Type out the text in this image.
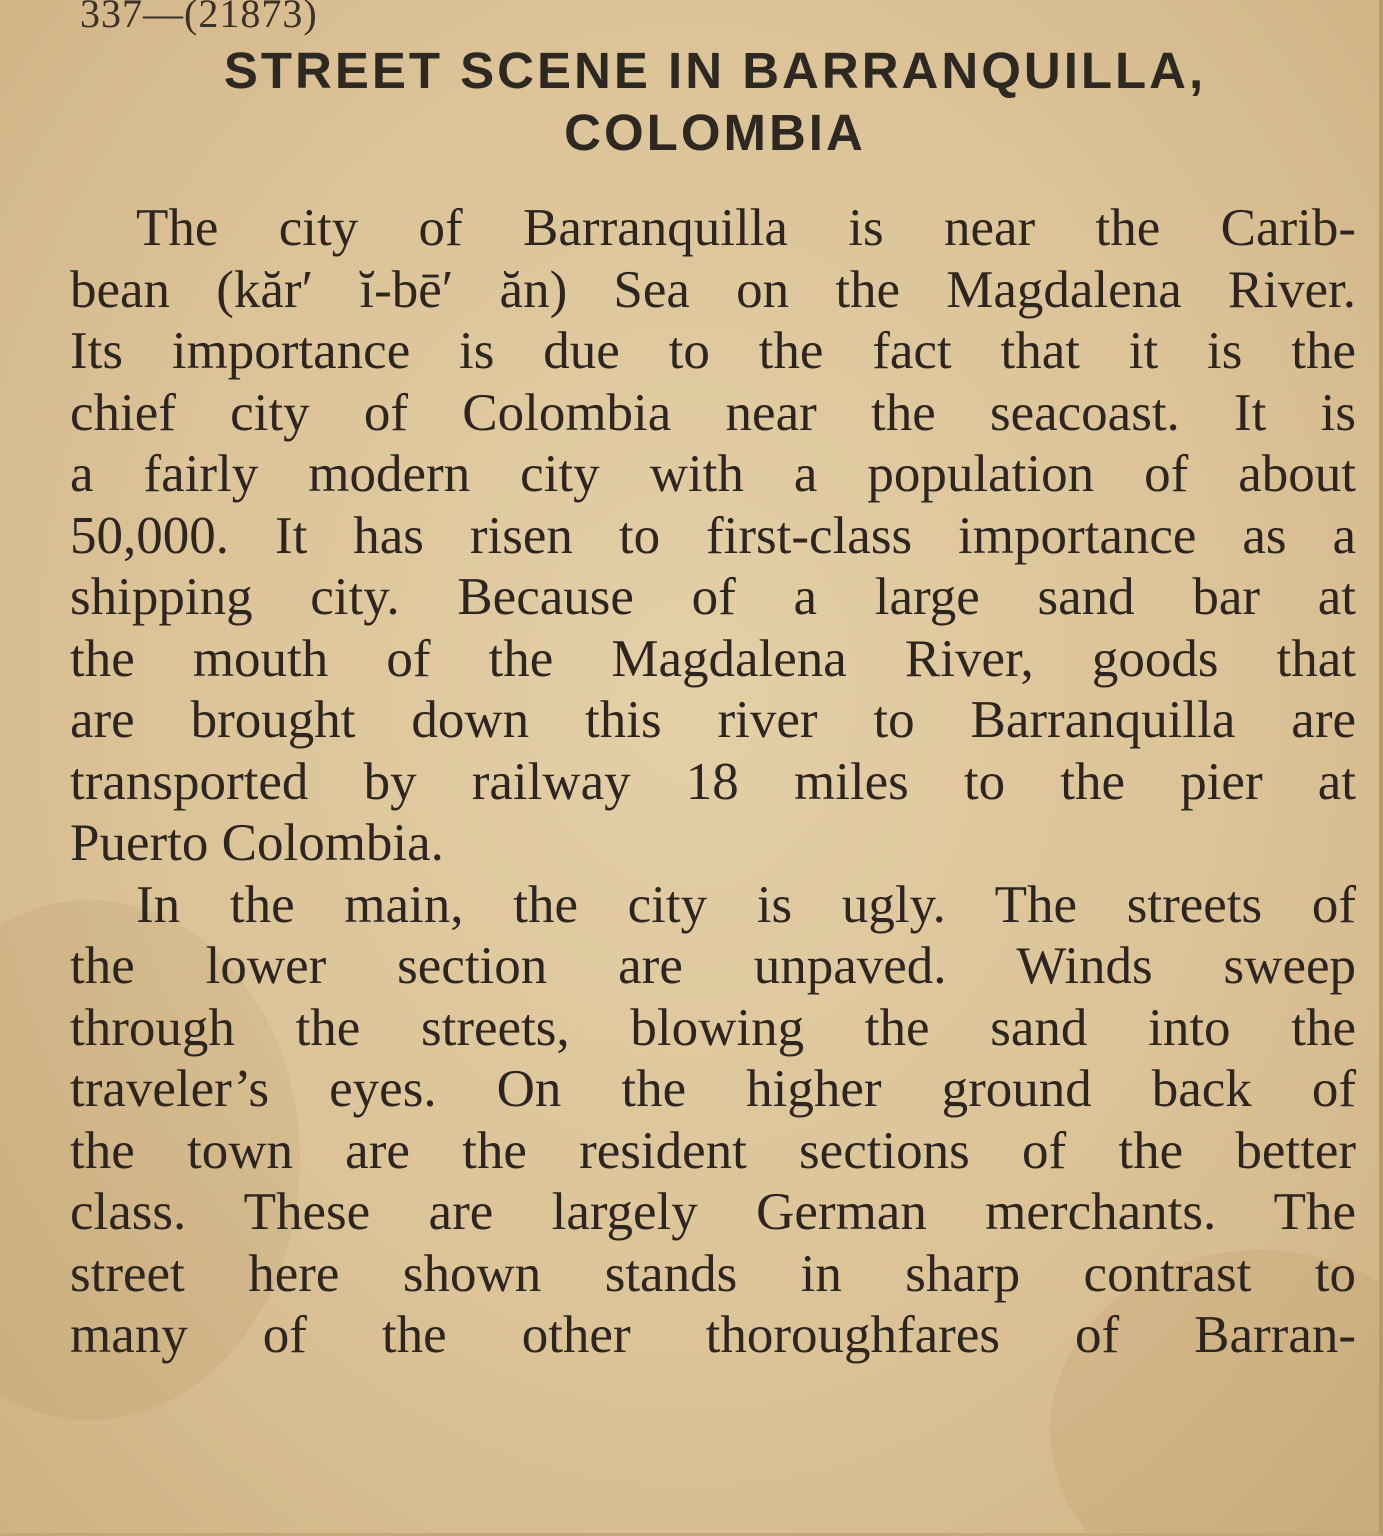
337—(21873)
STREET SCENE IN BARRANQUILLA,
COLOMBIA
The city of Barranquilla is near the Carib-
bean (kăr′ ĭ-bē′ ăn) Sea on the Magdalena River.
Its importance is due to the fact that it is the
chief city of Colombia near the seacoast. It is
a fairly modern city with a population of about
50,000. It has risen to first-class importance as a
shipping city. Because of a large sand bar at
the mouth of the Magdalena River, goods that
are brought down this river to Barranquilla are
transported by railway 18 miles to the pier at
Puerto Colombia.
In the main, the city is ugly. The streets of
the lower section are unpaved. Winds sweep
through the streets, blowing the sand into the
traveler’s eyes. On the higher ground back of
the town are the resident sections of the better
class. These are largely German merchants. The
street here shown stands in sharp contrast to
many of the other thoroughfares of Barran-
